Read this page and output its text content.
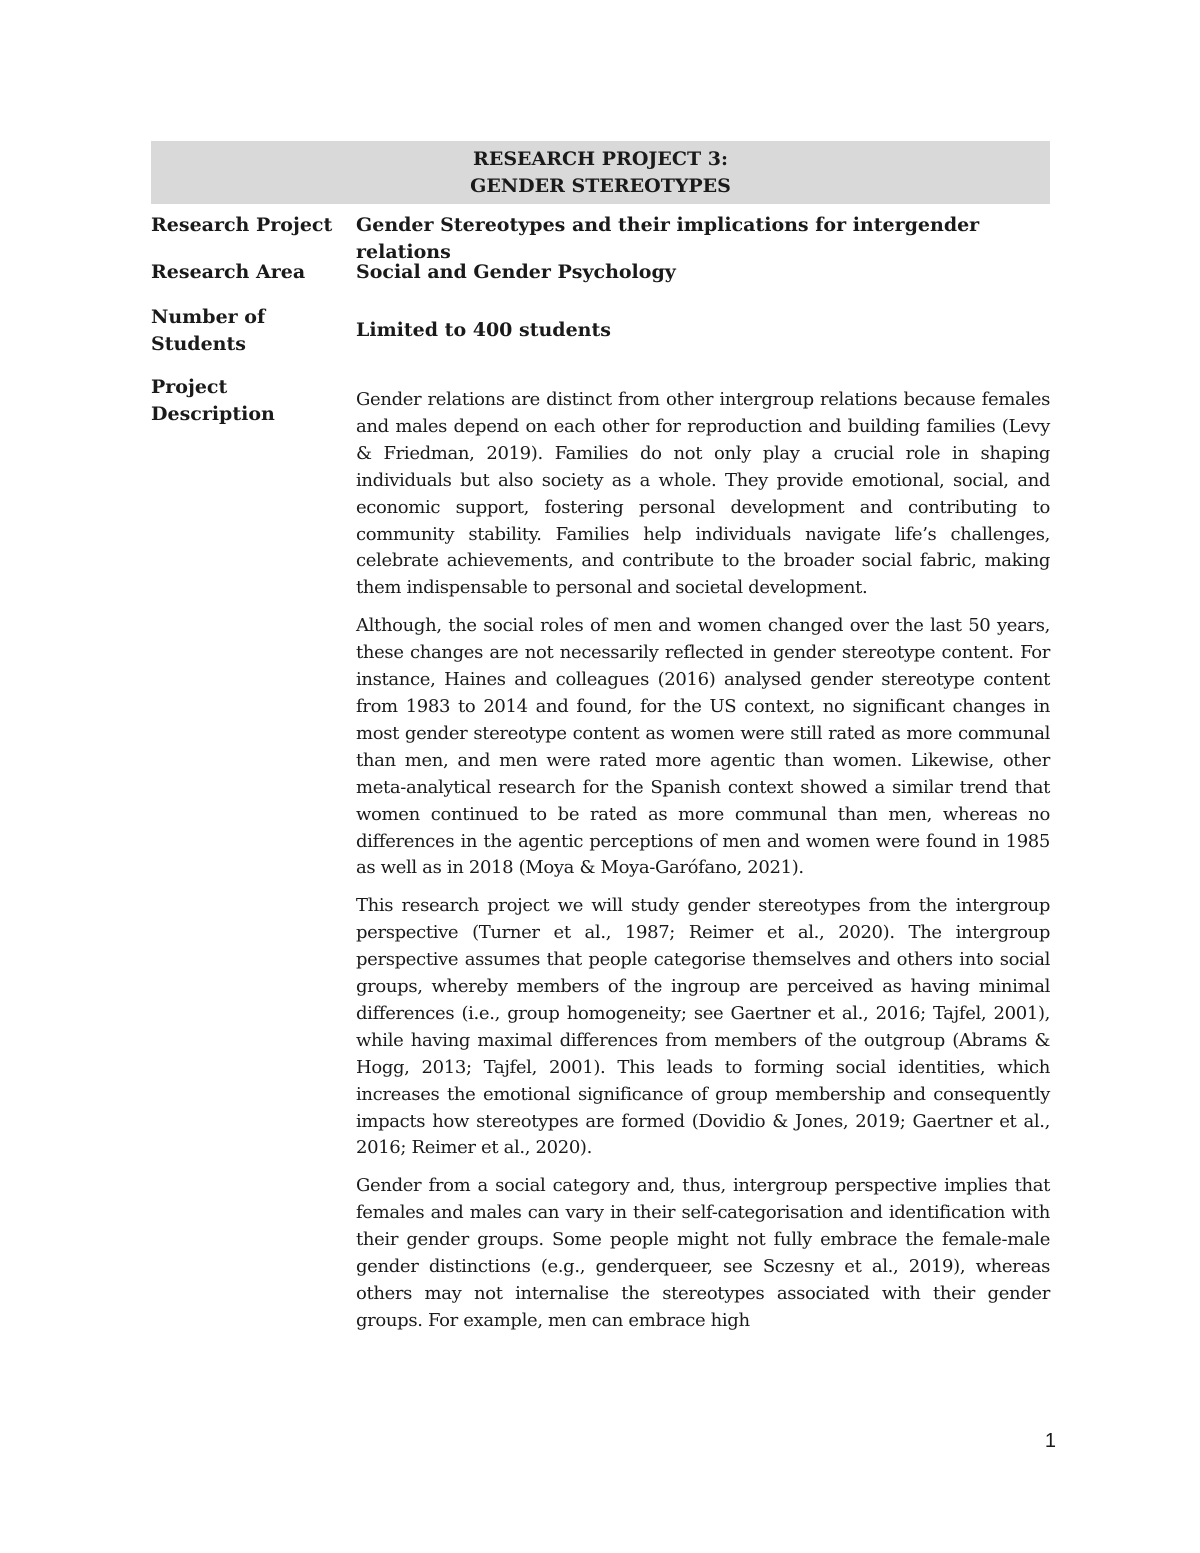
RESEARCH PROJECT 3:
GENDER STEREOTYPES
Research Project	Gender Stereotypes and their implications for intergender relations
Research Area	Social and Gender Psychology
Number of
Students
Limited to 400 students
Project
Description

Gender relations are distinct from other intergroup relations because females and males depend on each other for reproduction and building families (Levy & Friedman, 2019). Families do not only play a crucial role in shaping individuals but also society as a whole. They provide emotional, social, and economic support, fostering personal development and contributing to community stability. Families help individuals navigate life’s challenges, celebrate achievements, and contribute to the broader social fabric, making them indispensable to personal and societal development.

Although, the social roles of men and women changed over the last 50 years, these changes are not necessarily reflected in gender stereotype content. For instance, Haines and colleagues (2016) analysed gender stereotype content from 1983 to 2014 and found, for the US context, no significant changes in most gender stereotype content as women were still rated as more communal than men, and men were rated more agentic than women. Likewise, other meta-analytical research for the Spanish context showed a similar trend that women continued to be rated as more communal than men, whereas no differences in the agentic perceptions of men and women were found in 1985 as well as in 2018 (Moya & Moya-Garófano, 2021).

This research project we will study gender stereotypes from the intergroup perspective (Turner et al., 1987; Reimer et al., 2020). The intergroup perspective assumes that people categorise themselves and others into social groups, whereby members of the ingroup are perceived as having minimal differences (i.e., group homogeneity; see Gaertner et al., 2016; Tajfel, 2001), while having maximal differences from members of the outgroup (Abrams & Hogg, 2013; Tajfel, 2001). This leads to forming social identities, which increases the emotional significance of group membership and consequently impacts how stereotypes are formed (Dovidio & Jones, 2019; Gaertner et al., 2016; Reimer et al., 2020).

Gender from a social category and, thus, intergroup perspective implies that females and males can vary in their self-categorisation and identification with their gender groups. Some people might not fully embrace the female-male gender distinctions (e.g., genderqueer, see Sczesny et al., 2019), whereas others may not internalise the stereotypes associated with their gender groups. For example, men can embrace high

1
